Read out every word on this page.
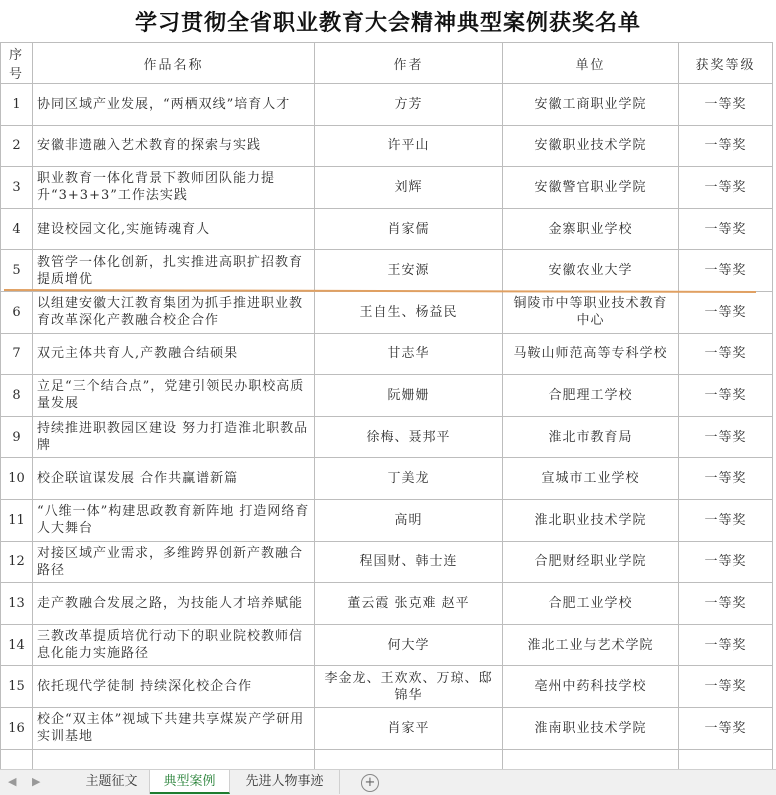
学习贯彻全省职业教育大会精神典型案例获奖名单
序号	作品名称	作者	单位	获奖等级
1	协同区域产业发展，“两栖双线”培育人才	方芳	安徽工商职业学院	一等奖
2	安徽非遗融入艺术教育的探索与实践	许平山	安徽职业技术学院	一等奖
3	职业教育一体化背景下教师团队能力提升“3+3+3”工作法实践	刘辉	安徽警官职业学院	一等奖
4	建设校园文化,实施铸魂育人	肖家儒	金寨职业学校	一等奖
5	教管学一体化创新，扎实推进高职扩招教育提质增优	王安源	安徽农业大学	一等奖
6	以组建安徽大江教育集团为抓手推进职业教育改革深化产教融合校企合作	王自生、杨益民	铜陵市中等职业技术教育中心	一等奖
7	双元主体共育人,产教融合结硕果	甘志华	马鞍山师范高等专科学校	一等奖
8	立足“三个结合点”，党建引领民办职校高质量发展	阮姗姗	合肥理工学校	一等奖
9	持续推进职教园区建设 努力打造淮北职教品牌	徐梅、聂邦平	淮北市教育局	一等奖
10	校企联谊谋发展 合作共赢谱新篇	丁美龙	宣城市工业学校	一等奖
11	“八维一体”构建思政教育新阵地 打造网络育人大舞台	高明	淮北职业技术学院	一等奖
12	对接区域产业需求，多维跨界创新产教融合路径	程国财、韩士连	合肥财经职业学院	一等奖
13	走产教融合发展之路，为技能人才培养赋能	董云霞 张克难 赵平	合肥工业学校	一等奖
14	三教改革提质培优行动下的职业院校教师信息化能力实施路径	何大学	淮北工业与艺术学院	一等奖
15	依托现代学徒制 持续深化校企合作	李金龙、王欢欢、万琼、邸锦华	亳州中药科技学校	一等奖
16	校企“双主体”视域下共建共享煤炭产学研用实训基地	肖家平	淮南职业技术学院	一等奖

◀ ▶	主题征文	典型案例	先进人物事迹	+
